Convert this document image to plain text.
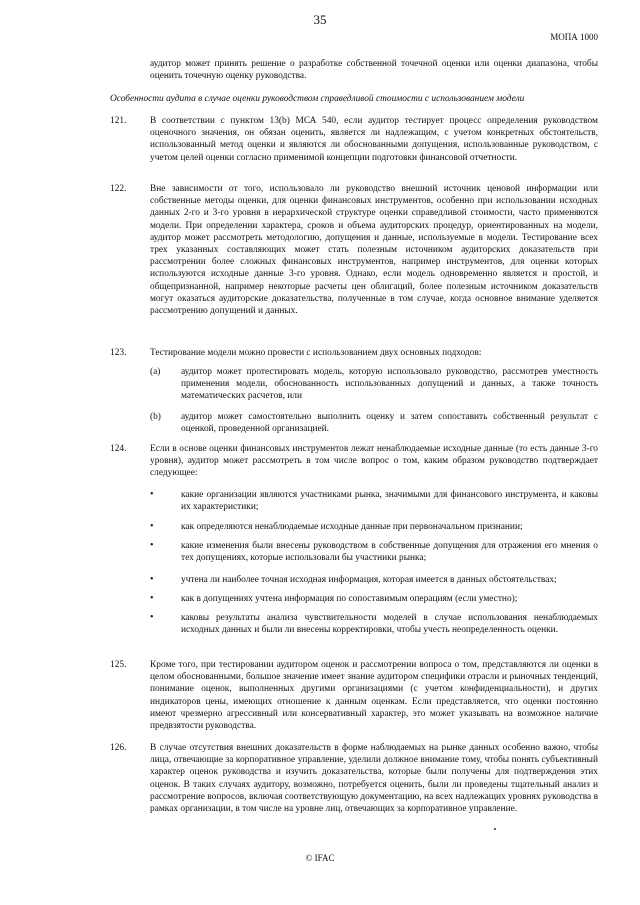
35
МОПА 1000
аудитор может принять решение о разработке собственной точечной оценки или оценки диапазона, чтобы оценить точечную оценку руководства.
Особенности аудита в случае оценки руководством справедливой стоимости с использованием модели
121.	В соответствии с пунктом 13(b) МСА 540, если аудитор тестирует процесс определения руководством оценочного значения, он обязан оценить, является ли надлежащим, с учетом конкретных обстоятельств, использованный метод оценки и являются ли обоснованными допущения, использованные руководством, с учетом целей оценки согласно применимой концепции подготовки финансовой отчетности.
122.	Вне зависимости от того, использовало ли руководство внешний источник ценовой информации или собственные методы оценки, для оценки финансовых инструментов, особенно при использовании исходных данных 2-го и 3-го уровня в иерархической структуре оценки справедливой стоимости, часто применяются модели. При определении характера, сроков и объема аудиторских процедур, ориентированных на модели, аудитор может рассмотреть методологию, допущения и данные, используемые в модели. Тестирование всех трех указанных составляющих может стать полезным источником аудиторских доказательств при рассмотрении более сложных финансовых инструментов, например инструментов, для оценки которых используются исходные данные 3-го уровня. Однако, если модель одновременно является и простой, и общепризнанной, например некоторые расчеты цен облигаций, более полезным источником доказательств могут оказаться аудиторские доказательства, полученные в том случае, когда основное внимание уделяется рассмотрению допущений и данных.
123.	Тестирование модели можно провести с использованием двух основных подходов:
(a) аудитор может протестировать модель, которую использовало руководство, рассмотрев уместность применения модели, обоснованность использованных допущений и данных, а также точность математических расчетов, или
(b) аудитор может самостоятельно выполнить оценку и затем сопоставить собственный результат с оценкой, проведенной организацией.
124.	Если в основе оценки финансовых инструментов лежат ненаблюдаемые исходные данные (то есть данные 3-го уровня), аудитор может рассмотреть в том числе вопрос о том, каким образом руководство подтверждает следующее:
•	какие организации являются участниками рынка, значимыми для финансового инструмента, и каковы их характеристики;
•	как определяются ненаблюдаемые исходные данные при первоначальном признании;
•	какие изменения были внесены руководством в собственные допущения для отражения его мнения о тех допущениях, которые использовали бы участники рынка;
•	учтена ли наиболее точная исходная информация, которая имеется в данных обстоятельствах;
•	как в допущениях учтена информация по сопоставимым операциям (если уместно);
•	каковы результаты анализа чувствительности моделей в случае использования ненаблюдаемых исходных данных и были ли внесены корректировки, чтобы учесть неопределенность оценки.
125.	Кроме того, при тестировании аудитором оценок и рассмотрении вопроса о том, представляются ли оценки в целом обоснованными, большое значение имеет знание аудитором специфики отрасли и рыночных тенденций, понимание оценок, выполненных другими организациями (с учетом конфиденциальности), и других индикаторов цены, имеющих отношение к данным оценкам. Если представляется, что оценки постоянно имеют чрезмерно агрессивный или консервативный характер, это может указывать на возможное наличие предвзятости руководства.
126.	В случае отсутствия внешних доказательств в форме наблюдаемых на рынке данных особенно важно, чтобы лица, отвечающие за корпоративное управление, уделили должное внимание тому, чтобы понять субъективный характер оценок руководства и изучить доказательства, которые были получены для подтверждения этих оценок. В таких случаях аудитору, возможно, потребуется оценить, были ли проведены тщательный анализ и рассмотрение вопросов, включая соответствующую документацию, на всех надлежащих уровнях руководства в рамках организации, в том числе на уровне лиц, отвечающих за корпоративное управление.
© IFAC
